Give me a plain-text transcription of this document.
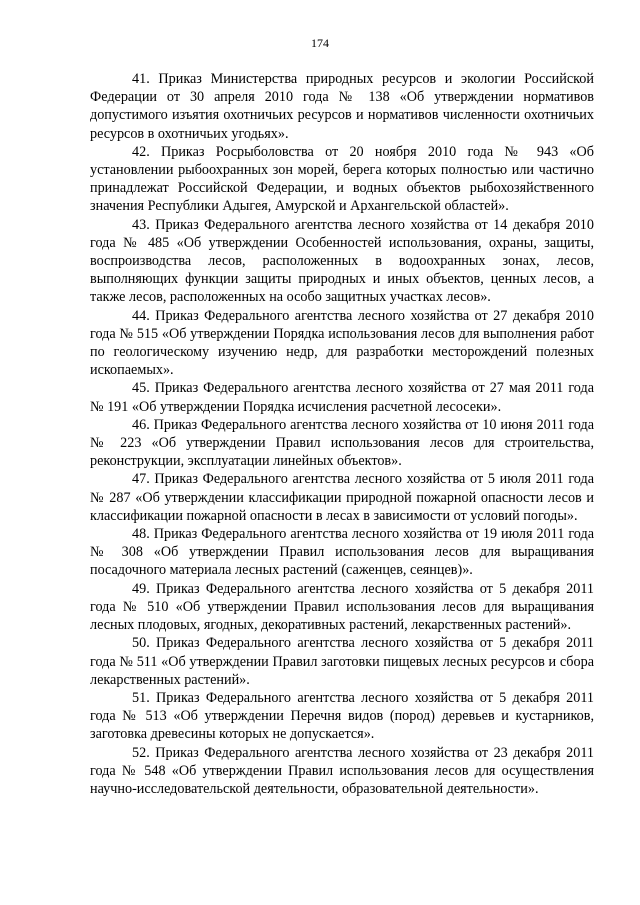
174

41. Приказ Министерства природных ресурсов и экологии Российской Федерации от 30 апреля 2010 года № 138 «Об утверждении нормативов допустимого изъятия охотничьих ресурсов и нормативов численности охотничьих ресурсов в охотничьих угодьях».

42. Приказ Росрыболовства от 20 ноября 2010 года № 943 «Об установлении рыбоохранных зон морей, берега которых полностью или частично принадлежат Российской Федерации, и водных объектов рыбохозяйственного значения Республики Адыгея, Амурской и Архангельской областей».

43. Приказ Федерального агентства лесного хозяйства от 14 декабря 2010 года № 485 «Об утверждении Особенностей использования, охраны, защиты, воспроизводства лесов, расположенных в водоохранных зонах, лесов, выполняющих функции защиты природных и иных объектов, ценных лесов, а также лесов, расположенных на особо защитных участках лесов».

44. Приказ Федерального агентства лесного хозяйства от 27 декабря 2010 года № 515 «Об утверждении Порядка использования лесов для выполнения работ по геологическому изучению недр, для разработки месторождений полезных ископаемых».

45. Приказ Федерального агентства лесного хозяйства от 27 мая 2011 года № 191 «Об утверждении Порядка исчисления расчетной лесосеки».

46. Приказ Федерального агентства лесного хозяйства от 10 июня 2011 года № 223 «Об утверждении Правил использования лесов для строительства, реконструкции, эксплуатации линейных объектов».

47. Приказ Федерального агентства лесного хозяйства от 5 июля 2011 года № 287 «Об утверждении классификации природной пожарной опасности лесов и классификации пожарной опасности в лесах в зависимости от условий погоды».

48. Приказ Федерального агентства лесного хозяйства от 19 июля 2011 года № 308 «Об утверждении Правил использования лесов для выращивания посадочного материала лесных растений (саженцев, сеянцев)».

49. Приказ Федерального агентства лесного хозяйства от 5 декабря 2011 года № 510 «Об утверждении Правил использования лесов для выращивания лесных плодовых, ягодных, декоративных растений, лекарственных растений».

50. Приказ Федерального агентства лесного хозяйства от 5 декабря 2011 года № 511 «Об утверждении Правил заготовки пищевых лесных ресурсов и сбора лекарственных растений».

51. Приказ Федерального агентства лесного хозяйства от 5 декабря 2011 года № 513 «Об утверждении Перечня видов (пород) деревьев и кустарников, заготовка древесины которых не допускается».

52. Приказ Федерального агентства лесного хозяйства от 23 декабря 2011 года № 548 «Об утверждении Правил использования лесов для осуществления научно-исследовательской деятельности, образовательной деятельности».
